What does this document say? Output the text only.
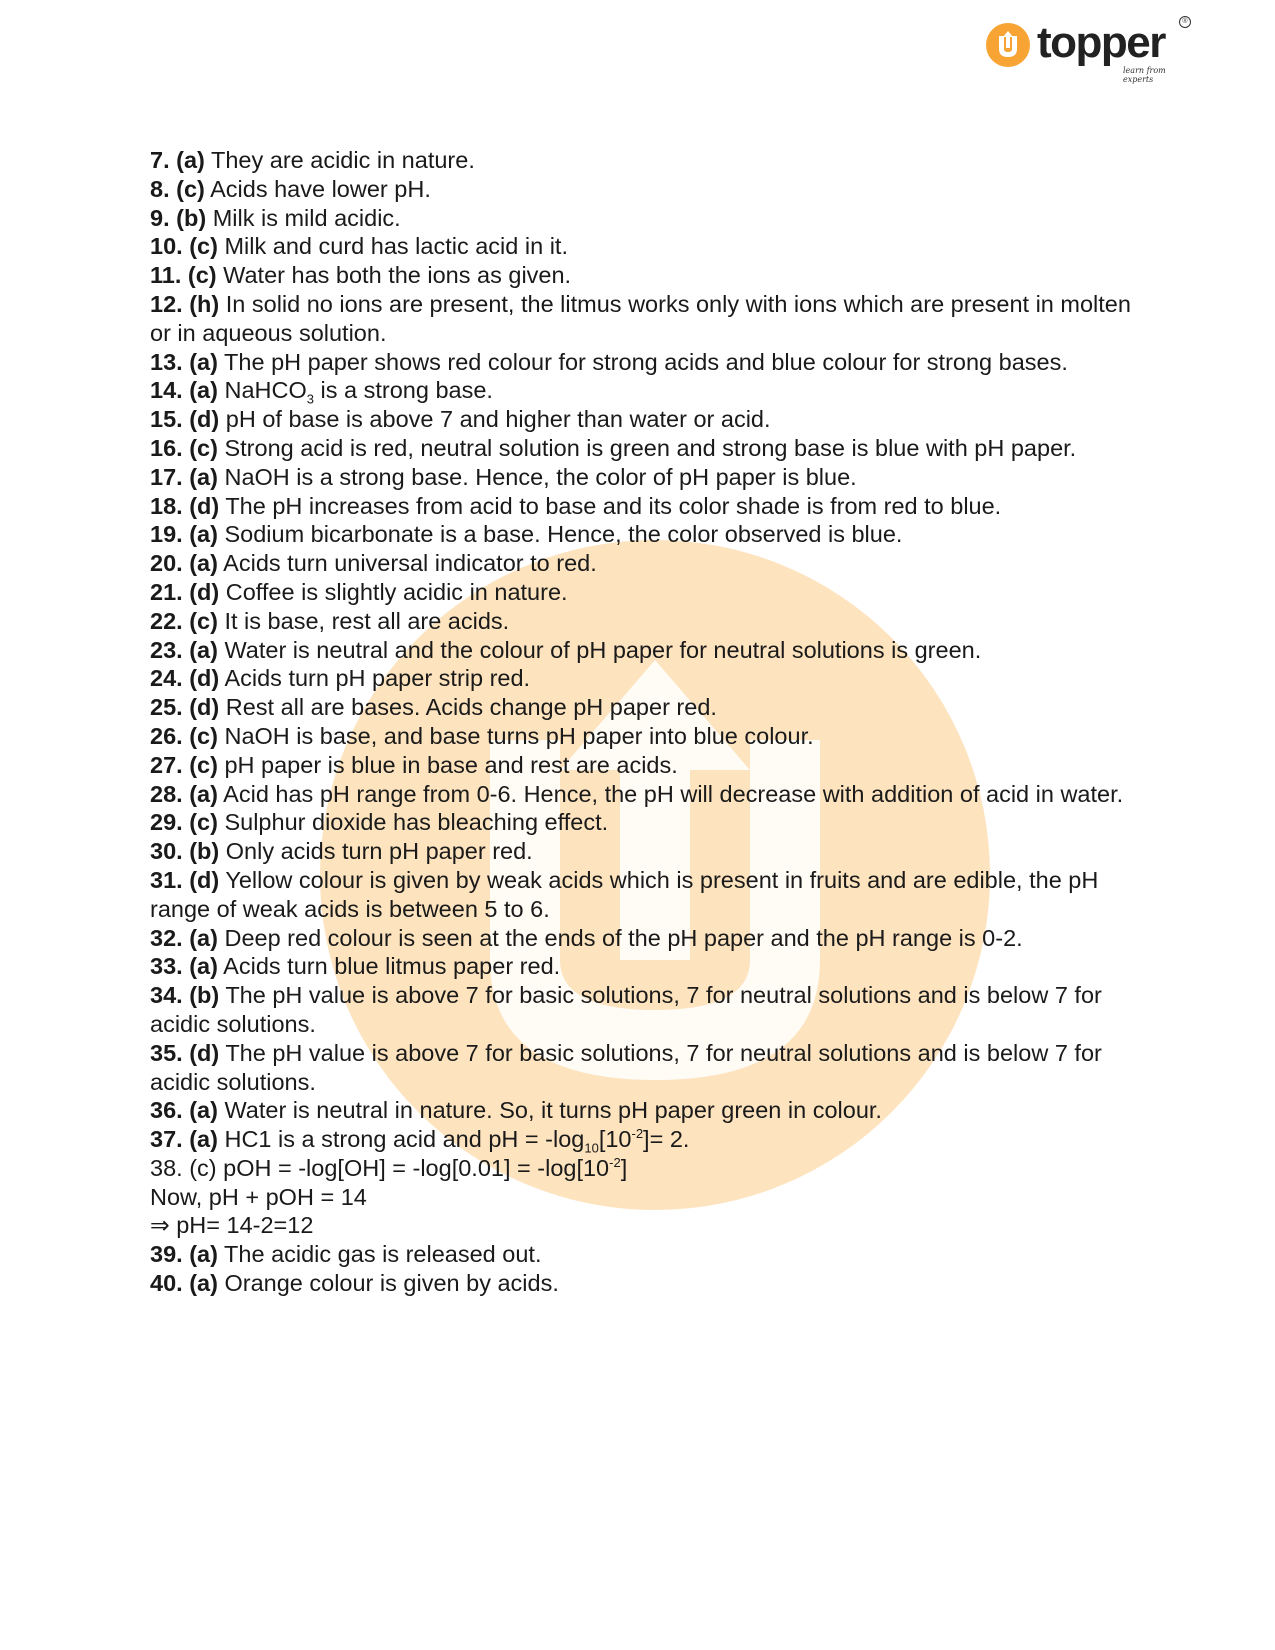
topper
learn from experts
®

7. (a) They are acidic in nature.

8. (c) Acids have lower pH.

9. (b) Milk is mild acidic.

10. (c) Milk and curd has lactic acid in it.

11. (c) Water has both the ions as given.

12. (h) In solid no ions are present, the litmus works only with ions which are present in molten or in aqueous solution.

13. (a) The pH paper shows red colour for strong acids and blue colour for strong bases.

14. (a) NaHCO$_3$ is a strong base.

15. (d) pH of base is above 7 and higher than water or acid.

16. (c) Strong acid is red, neutral solution is green and strong base is blue with pH paper.

17. (a) NaOH is a strong base. Hence, the color of pH paper is blue.

18. (d) The pH increases from acid to base and its color shade is from red to blue.

19. (a) Sodium bicarbonate is a base. Hence, the color observed is blue.

20. (a) Acids turn universal indicator to red.

21. (d) Coffee is slightly acidic in nature.

22. (c) It is base, rest all are acids.

23. (a) Water is neutral and the colour of pH paper for neutral solutions is green.

24. (d) Acids turn pH paper strip red.

25. (d) Rest all are bases. Acids change pH paper red.

26. (c) NaOH is base, and base turns pH paper into blue colour.

27. (c) pH paper is blue in base and rest are acids.

28. (a) Acid has pH range from 0-6. Hence, the pH will decrease with addition of acid in water.

29. (c) Sulphur dioxide has bleaching effect.

30. (b) Only acids turn pH paper red.

31. (d) Yellow colour is given by weak acids which is present in fruits and are edible, the pH range of weak acids is between 5 to 6.

32. (a) Deep red colour is seen at the ends of the pH paper and the pH range is 0-2.

33. (a) Acids turn blue litmus paper red.

34. (b) The pH value is above 7 for basic solutions, 7 for neutral solutions and is below 7 for acidic solutions.

35. (d) The pH value is above 7 for basic solutions, 7 for neutral solutions and is below 7 for acidic solutions.

36. (a) Water is neutral in nature. So, it turns pH paper green in colour.

37. (a) HC1 is a strong acid and pH = $-\log_{10}[10^{-2}]= 2$.

38. (c) pOH = $-\log[OH] = -\log[0.01] = -\log[10^{-2}]$

Now, pH + pOH = 14

⇒ pH= 14-2=12

39. (a) The acidic gas is released out.

40. (a) Orange colour is given by acids.
